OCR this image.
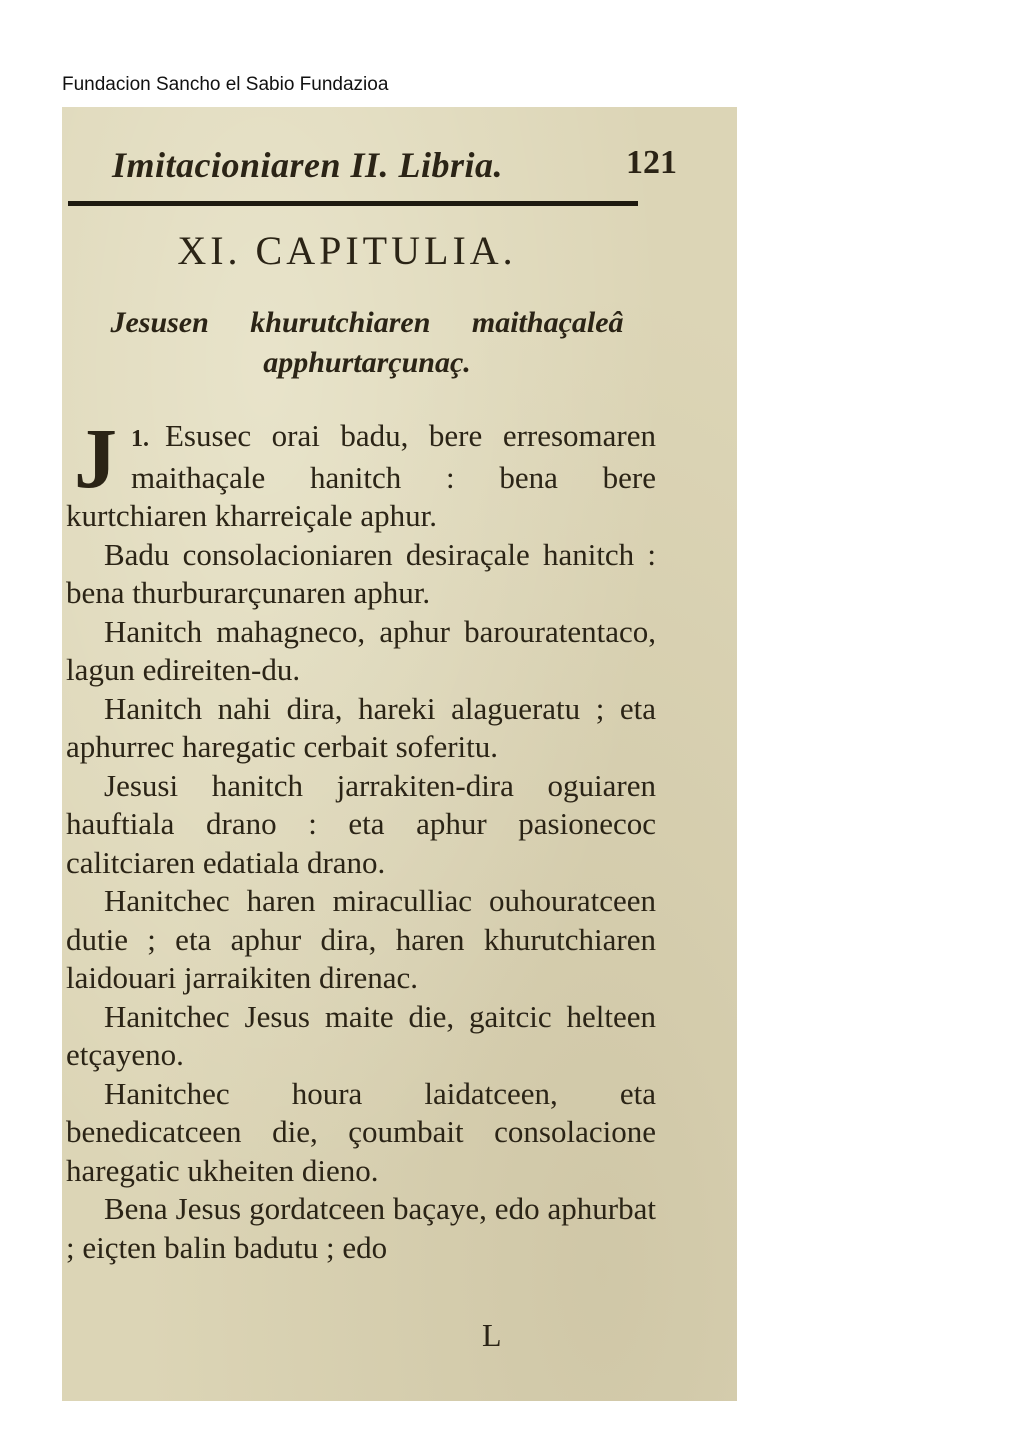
Fundacion Sancho el Sabio Fundazioa
Imitacioniaren II. Libria.	121
XI. CAPITULIA.
Jesusen khurutchiaren maithaçaleâ apphurtarçunaç.

1.
J Esusec orai badu, bere erresomaren maithaçale hanitch : bena bere kurtchiaren kharreiçale aphur.

Badu consolacioniaren desiraçale hanitch : bena thurburarçunaren aphur.

Hanitch mahagneco, aphur barouratentaco, lagun edireiten-du.

Hanitch nahi dira, hareki alagueratu ; eta aphurrec haregatic cerbait soferitu.

Jesusi hanitch jarrakiten-dira oguiaren hauftiala drano : eta aphur pasionecoc calitciaren edatiala drano.

Hanitchec haren miraculliac ouhouratceen dutie ; eta aphur dira, haren khurutchiaren laidouari jarraikiten direnac.

Hanitchec Jesus maite die, gaitcic helteen etçayeno.

Hanitchec houra laidatceen, eta benedicatceen die, çoumbait consolacione haregatic ukheiten dieno.

Bena Jesus gordatceen baçaye, edo aphurbat ; eiçten balin badutu ; edo

L
